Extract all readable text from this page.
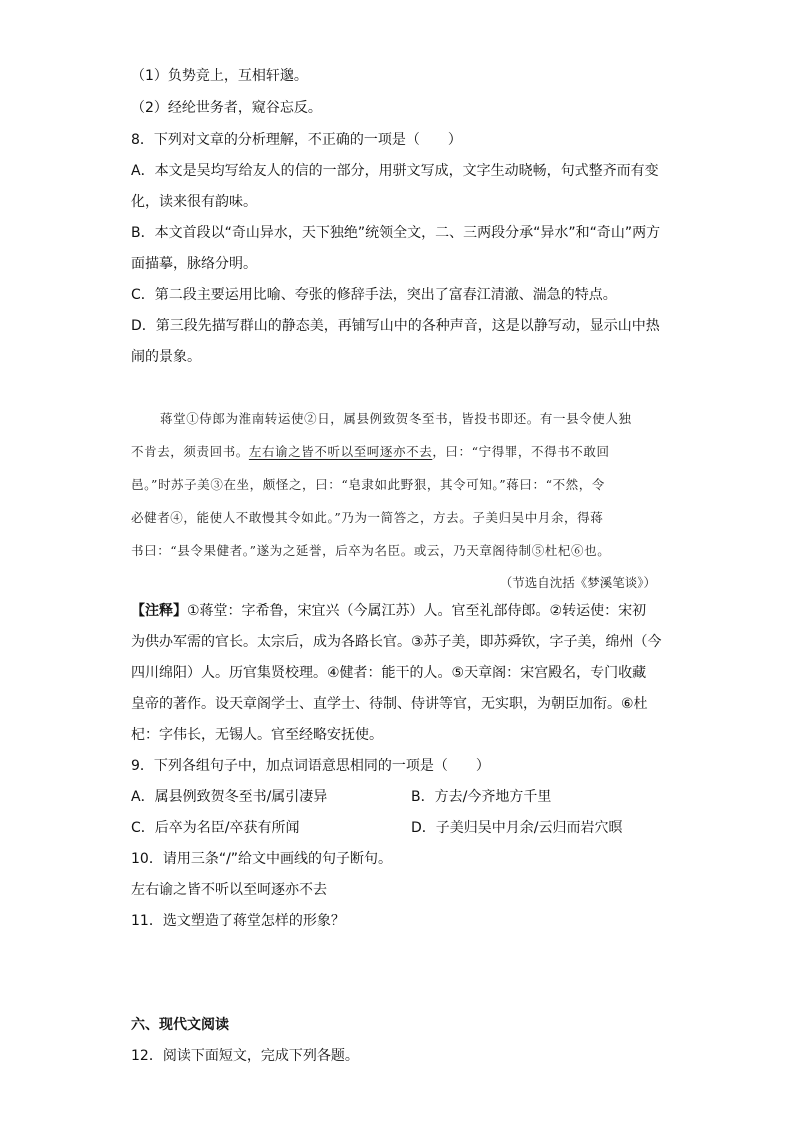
（1）负势竞上，互相轩邈。
（2）经纶世务者，窥谷忘反。
8．下列对文章的分析理解，不正确的一项是（　　）
A．本文是吴均写给友人的信的一部分，用骈文写成，文字生动晓畅，句式整齐而有变
化，读来很有韵味。
B．本文首段以“奇山异水，天下独绝”统领全文，二、三两段分承“异水”和“奇山”两方
面描摹，脉络分明。
C．第二段主要运用比喻、夸张的修辞手法，突出了富春江清澈、湍急的特点。
D．第三段先描写群山的静态美，再铺写山中的各种声音，这是以静写动，显示山中热
闹的景象。
蒋堂①侍郎为淮南转运使②日，属县例致贺冬至书，皆投书即还。有一县令使人独
不肯去，须责回书。左右谕之皆不听以至呵逐亦不去，曰：“宁得罪，不得书不敢回
邑。”时苏子美③在坐，颇怪之，曰：“皂隶如此野狠，其令可知。”蒋曰：“不然，令
必健者④，能使人不敢慢其令如此。”乃为一简答之，方去。子美归吴中月余，得蒋
书曰：“县令果健者。”遂为之延誉，后卒为名臣。或云，乃天章阁待制⑤杜杞⑥也。
（节选自沈括《梦溪笔谈》）
【注释】①蒋堂：字希鲁，宋宜兴（今属江苏）人。官至礼部侍郎。②转运使：宋初
为供办军需的官长。太宗后，成为各路长官。③苏子美，即苏舜钦，字子美，绵州（今
四川绵阳）人。历官集贤校理。④健者：能干的人。⑤天章阁：宋宫殿名，专门收藏
皇帝的著作。设天章阁学士、直学士、待制、侍讲等官，无实职，为朝臣加衔。⑥杜
杞：字伟长，无锡人。官至经略安抚使。
9．下列各组句子中，加点词语意思相同的一项是（　　）
A．属县例致贺冬至书/属引凄异	B．方去/今齐地方千里
C．后卒为名臣/卒获有所闻	D．子美归吴中月余/云归而岩穴暝
10．请用三条“/”给文中画线的句子断句。
左右谕之皆不听以至呵逐亦不去
11．选文塑造了蒋堂怎样的形象？
六、现代文阅读
12．阅读下面短文，完成下列各题。
